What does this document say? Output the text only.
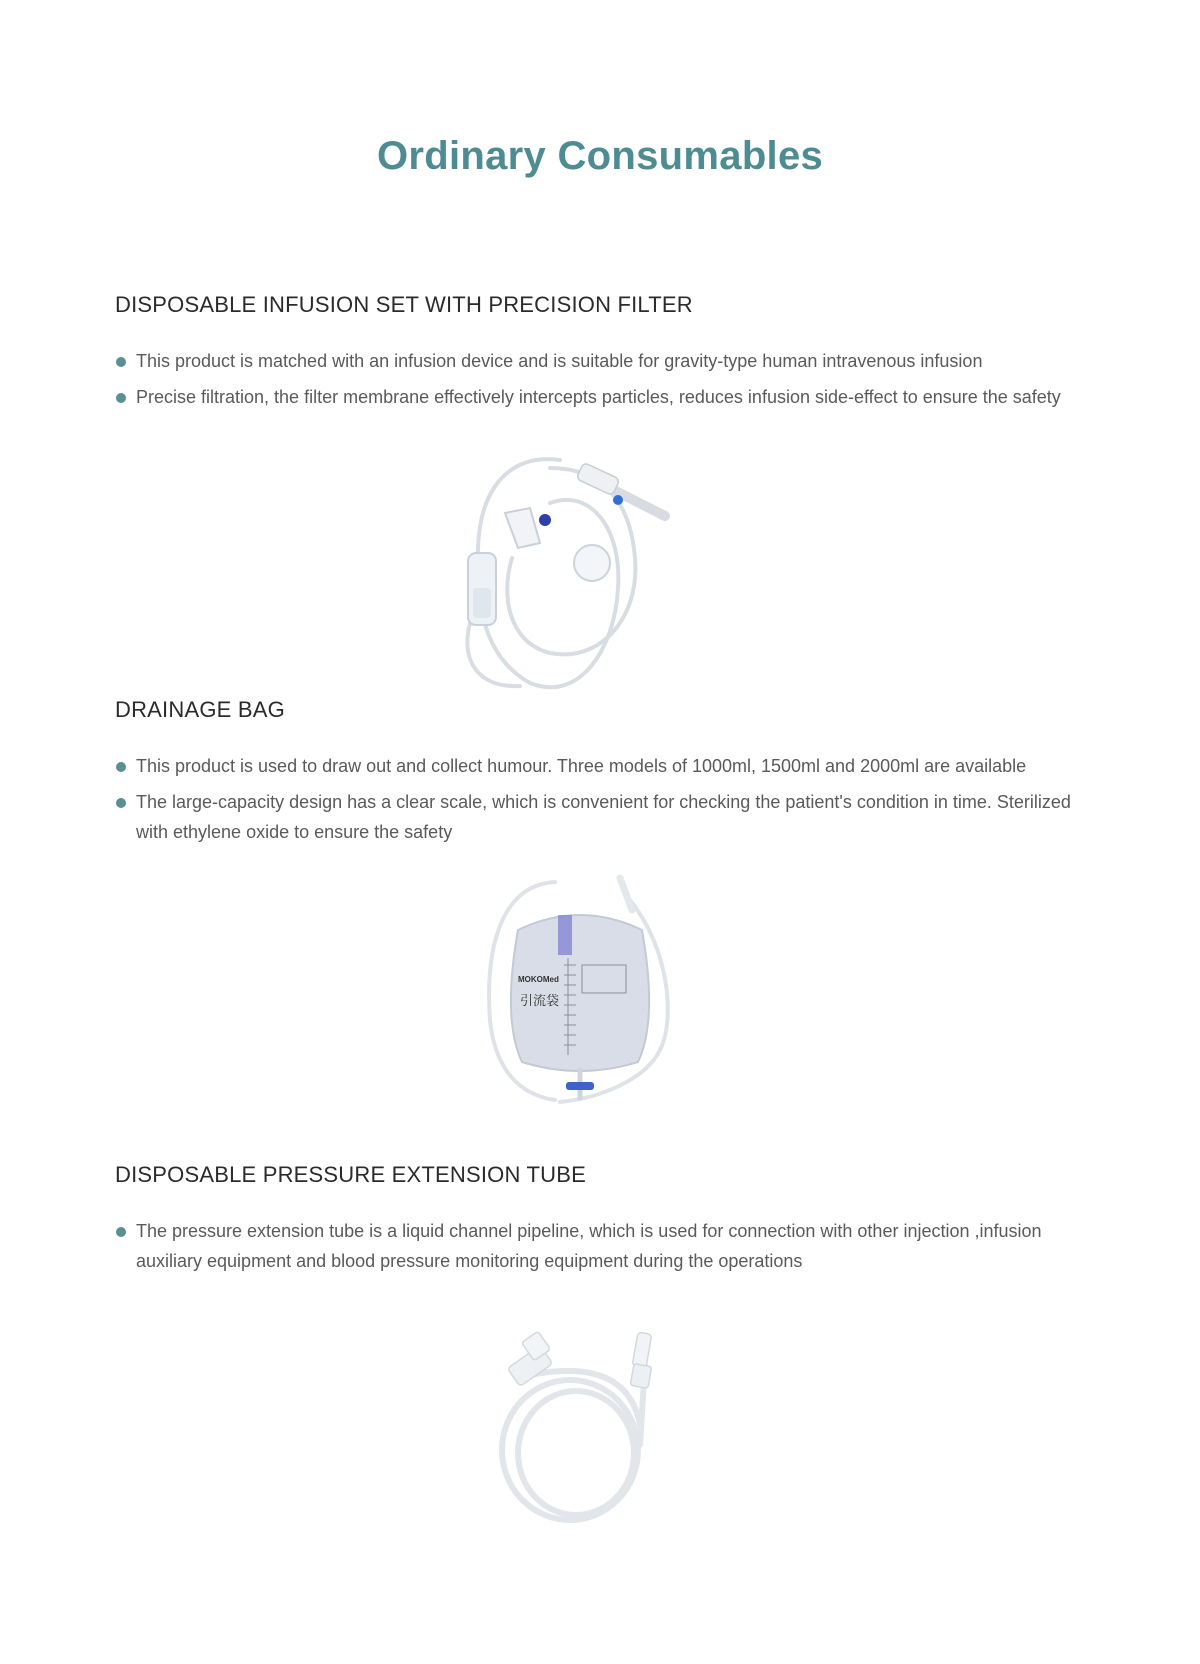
Ordinary Consumables
DISPOSABLE INFUSION SET WITH PRECISION FILTER
This product is matched with an infusion device and is suitable for gravity-type human intravenous infusion
Precise filtration, the filter membrane effectively intercepts particles, reduces infusion side-effect to ensure the safety
DRAINAGE BAG
This product is used to draw out and collect humour. Three models of 1000ml, 1500ml and 2000ml are available
The large-capacity design has a clear scale, which is convenient for checking the patient's condition in time. Sterilized with ethylene oxide to ensure the safety
MOKOMed
引流袋
DISPOSABLE PRESSURE EXTENSION TUBE
The pressure extension tube is a liquid channel pipeline, which is used for connection with other injection ,infusion auxiliary equipment and blood pressure monitoring equipment during the operations
